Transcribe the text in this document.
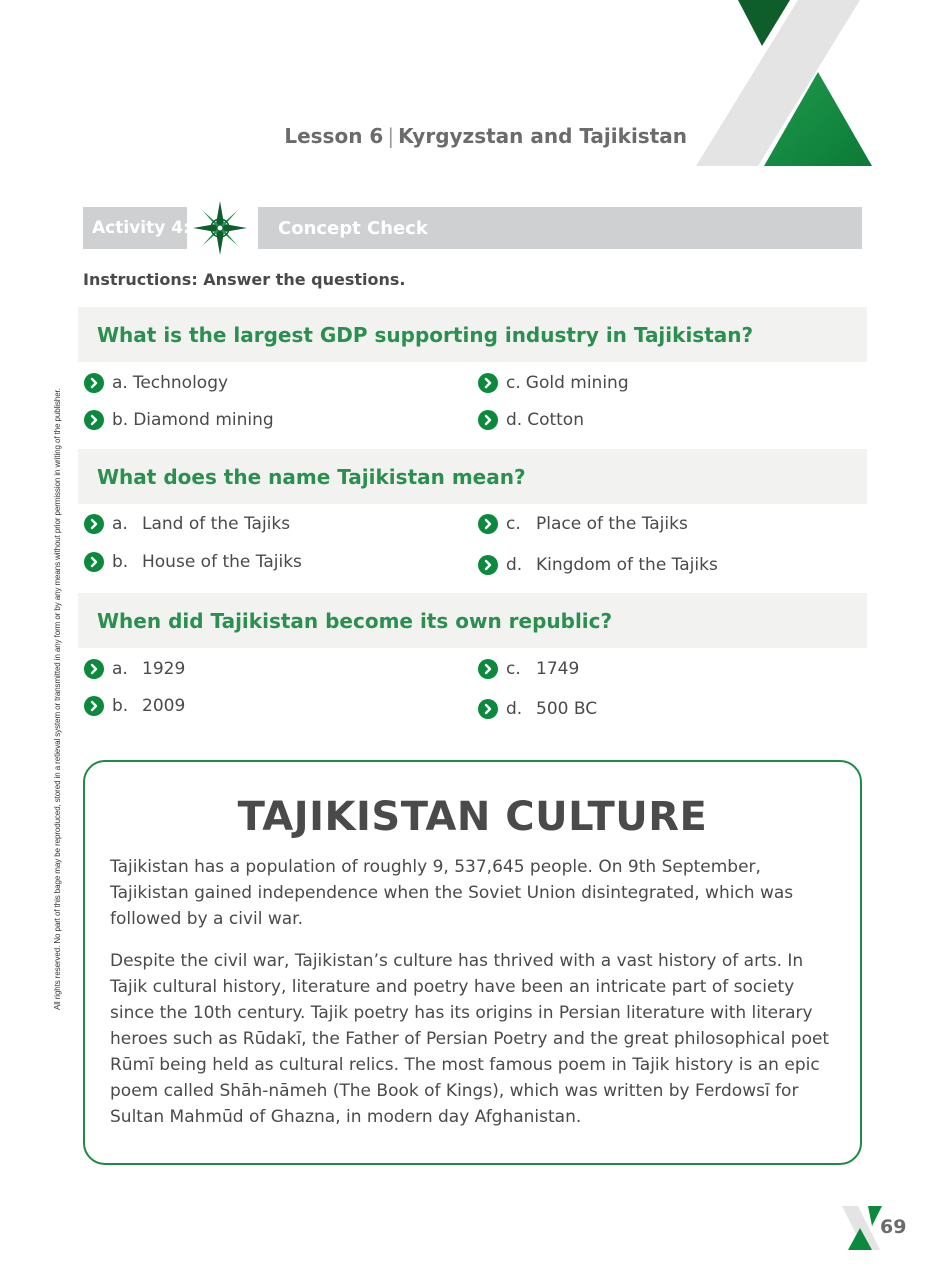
Lesson 6 | Kyrgyzstan and Tajikistan
All rights reserved. No part of this bage may be reproduced, stored in a retieval system or transmitted in any form or by any means without prior permission in writing of the publisher.
Activity 4:	Concept Check
Instructions: Answer the questions.
What is the largest GDP supporting industry in Tajikistan?
a. Technology
b. Diamond mining
c. Gold mining
d. Cotton
What does the name Tajikistan mean?
a. Land of the Tajiks
b. House of the Tajiks
c. Place of the Tajiks
d. Kingdom of the Tajiks
When did Tajikistan become its own republic?
a. 1929
b. 2009
c. 1749
d. 500 BC
TAJIKISTAN CULTURE

Tajikistan has a population of roughly 9, 537,645 people. On 9th September, Tajikistan gained independence when the Soviet Union disintegrated, which was followed by a civil war.

Despite the civil war, Tajikistan’s culture has thrived with a vast history of arts. In Tajik cultural history, literature and poetry have been an intricate part of society since the 10th century. Tajik poetry has its origins in Persian literature with literary heroes such as Rūdakī, the Father of Persian Poetry and the great philosophical poet Rūmī being held as cultural relics. The most famous poem in Tajik history is an epic poem called Shāh-nāmeh (The Book of Kings), which was written by Ferdowsī for Sultan Mahmūd of Ghazna, in modern day Afghanistan.

69
